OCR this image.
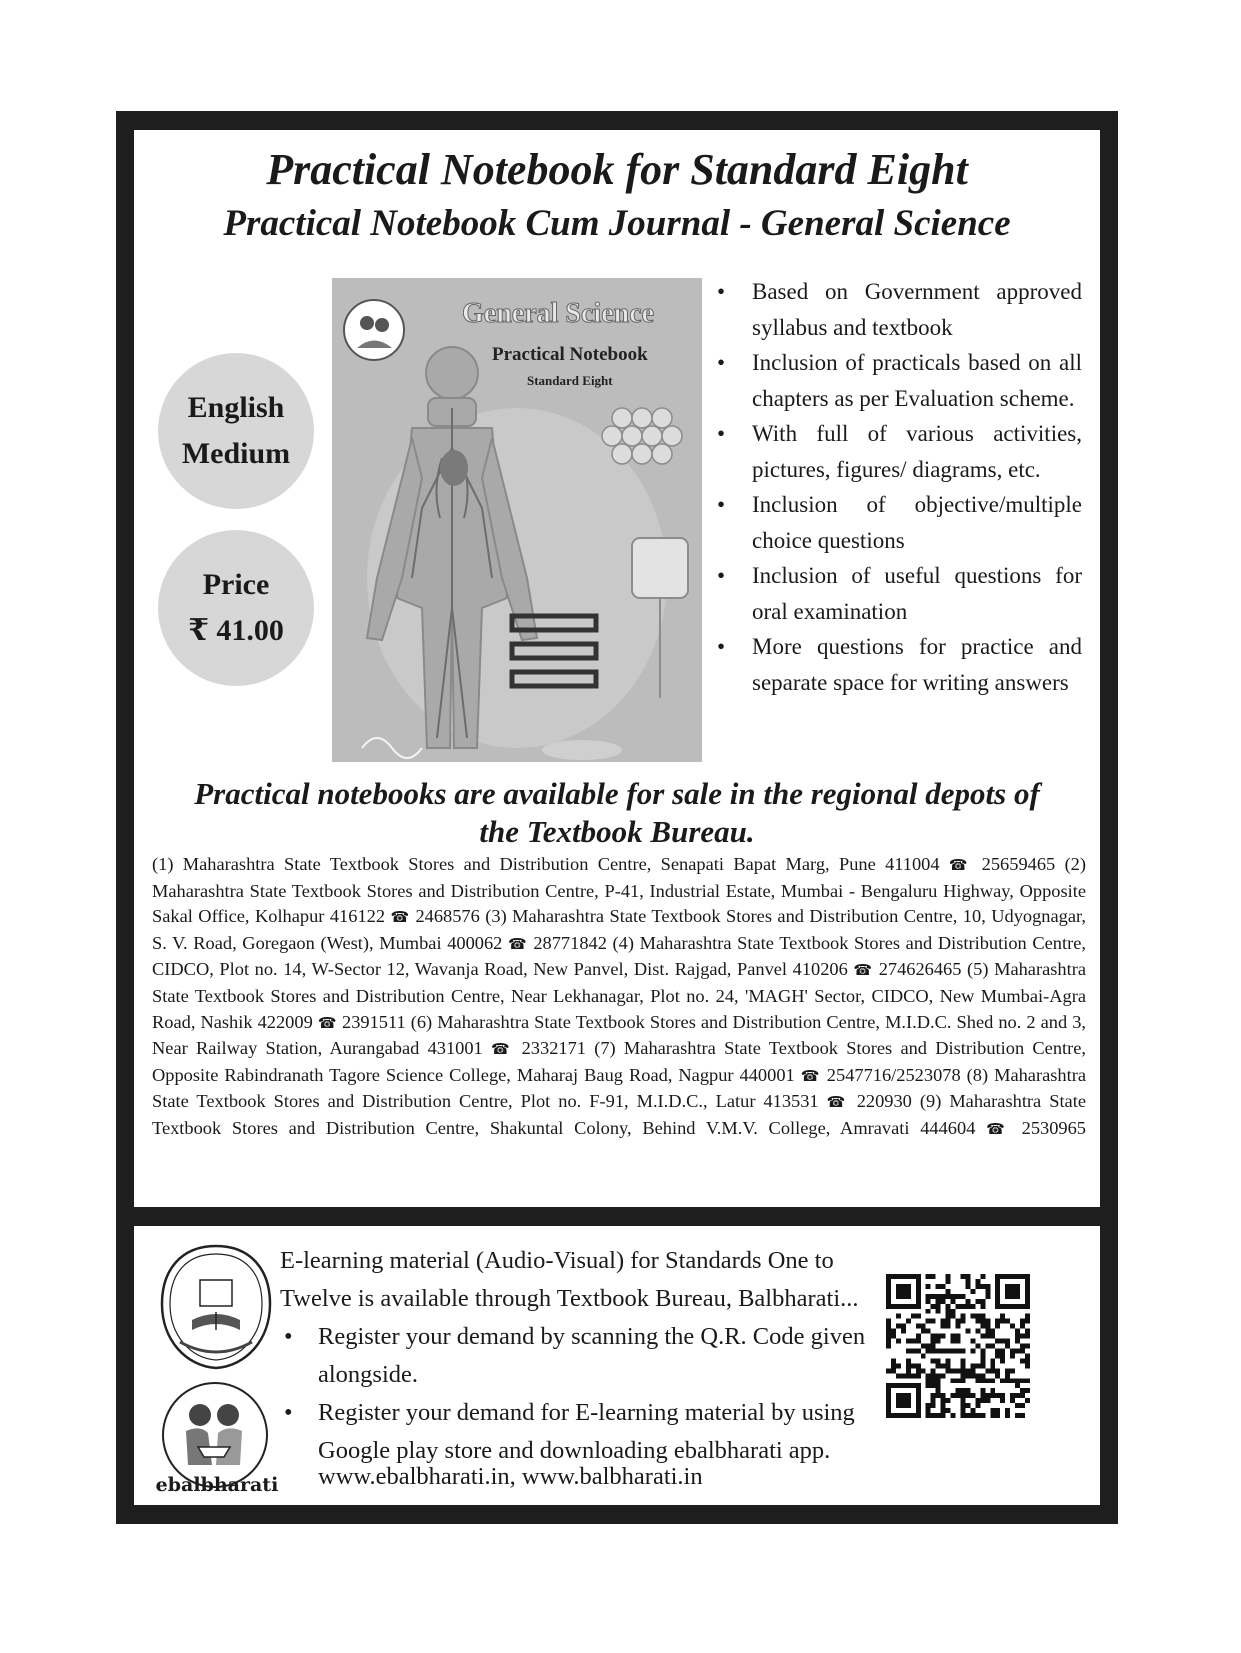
Practical Notebook for Standard Eight
Practical Notebook Cum Journal - General Science
English
Medium
Price
₹ 41.00
General Science
Practical Notebook
Standard Eight
• Based on Government approved syllabus and textbook
• Inclusion of practicals based on all chapters as per Evaluation scheme.
• With full of various activities, pictures, figures/ diagrams, etc.
• Inclusion of objective/multiple choice questions
• Inclusion of useful questions for oral examination
• More questions for practice and separate space for writing answers
Practical notebooks are available for sale in the regional depots of
the Textbook Bureau.
(1) Maharashtra State Textbook Stores and Distribution Centre, Senapati Bapat Marg, Pune 411004 ☎ 25659465 (2) Maharashtra State Textbook Stores and Distribution Centre, P-41, Industrial Estate, Mumbai - Bengaluru Highway, Opposite Sakal Office, Kolhapur 416122 ☎ 2468576 (3) Maharashtra State Textbook Stores and Distribution Centre, 10, Udyognagar, S. V. Road, Goregaon (West), Mumbai 400062 ☎ 28771842 (4) Maharashtra State Textbook Stores and Distribution Centre, CIDCO, Plot no. 14, W-Sector 12, Wavanja Road, New Panvel, Dist. Rajgad, Panvel 410206 ☎ 274626465 (5) Maharashtra State Textbook Stores and Distribution Centre, Near Lekhanagar, Plot no. 24, 'MAGH' Sector, CIDCO, New Mumbai-Agra Road, Nashik 422009 ☎ 2391511 (6) Maharashtra State Textbook Stores and Distribution Centre, M.I.D.C. Shed no. 2 and 3, Near Railway Station, Aurangabad 431001 ☎ 2332171 (7) Maharashtra State Textbook Stores and Distribution Centre, Opposite Rabindranath Tagore Science College, Maharaj Baug Road, Nagpur 440001 ☎ 2547716/2523078 (8) Maharashtra State Textbook Stores and Distribution Centre, Plot no. F-91, M.I.D.C., Latur 413531 ☎ 220930 (9) Maharashtra State Textbook Stores and Distribution Centre, Shakuntal Colony, Behind V.M.V. College, Amravati 444604 ☎ 2530965
ebalbharati

E-learning material (Audio-Visual) for Standards One to Twelve is available through Textbook Bureau, Balbharati...

• Register your demand by scanning the Q.R. Code given alongside.
• Register your demand for E-learning material by using Google play store and downloading ebalbharati app.
www.ebalbharati.in, www.balbharati.in
